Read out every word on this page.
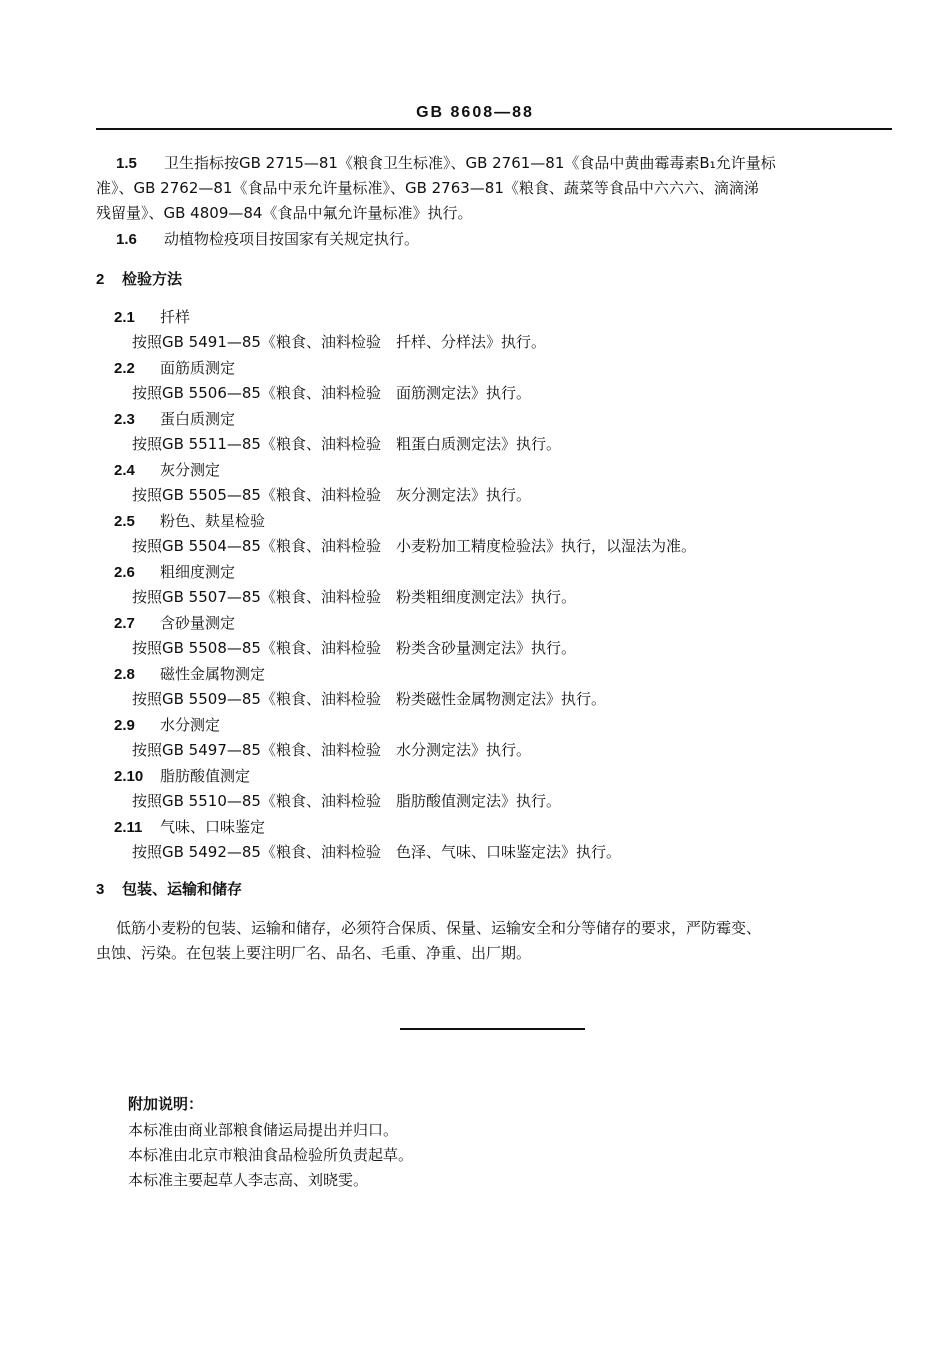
GB 8608—88
1.5 卫生指标按GB 2715—81《粮食卫生标准》、GB 2761—81《食品中黄曲霉毒素B₁允许量标
准》、GB 2762—81《食品中汞允许量标准》、GB 2763—81《粮食、蔬菜等食品中六六六、滴滴涕
残留量》、GB 4809—84《食品中氟允许量标准》执行。
1.6 动植物检疫项目按国家有关规定执行。
2 检验方法
2.1 扦样
按照GB 5491—85《粮食、油料检验　扦样、分样法》执行。
2.2 面筋质测定
按照GB 5506—85《粮食、油料检验　面筋测定法》执行。
2.3 蛋白质测定
按照GB 5511—85《粮食、油料检验　粗蛋白质测定法》执行。
2.4 灰分测定
按照GB 5505—85《粮食、油料检验　灰分测定法》执行。
2.5 粉色、麸星检验
按照GB 5504—85《粮食、油料检验　小麦粉加工精度检验法》执行，以湿法为准。
2.6 粗细度测定
按照GB 5507—85《粮食、油料检验　粉类粗细度测定法》执行。
2.7 含砂量测定
按照GB 5508—85《粮食、油料检验　粉类含砂量测定法》执行。
2.8 磁性金属物测定
按照GB 5509—85《粮食、油料检验　粉类磁性金属物测定法》执行。
2.9 水分测定
按照GB 5497—85《粮食、油料检验　水分测定法》执行。
2.10 脂肪酸值测定
按照GB 5510—85《粮食、油料检验　脂肪酸值测定法》执行。
2.11 气味、口味鉴定
按照GB 5492—85《粮食、油料检验　色泽、气味、口味鉴定法》执行。
3 包装、运输和储存
低筋小麦粉的包装、运输和储存，必须符合保质、保量、运输安全和分等储存的要求，严防霉变、
虫蚀、污染。在包装上要注明厂名、品名、毛重、净重、出厂期。
附加说明：
本标准由商业部粮食储运局提出并归口。
本标准由北京市粮油食品检验所负责起草。
本标准主要起草人李志高、刘晓雯。
